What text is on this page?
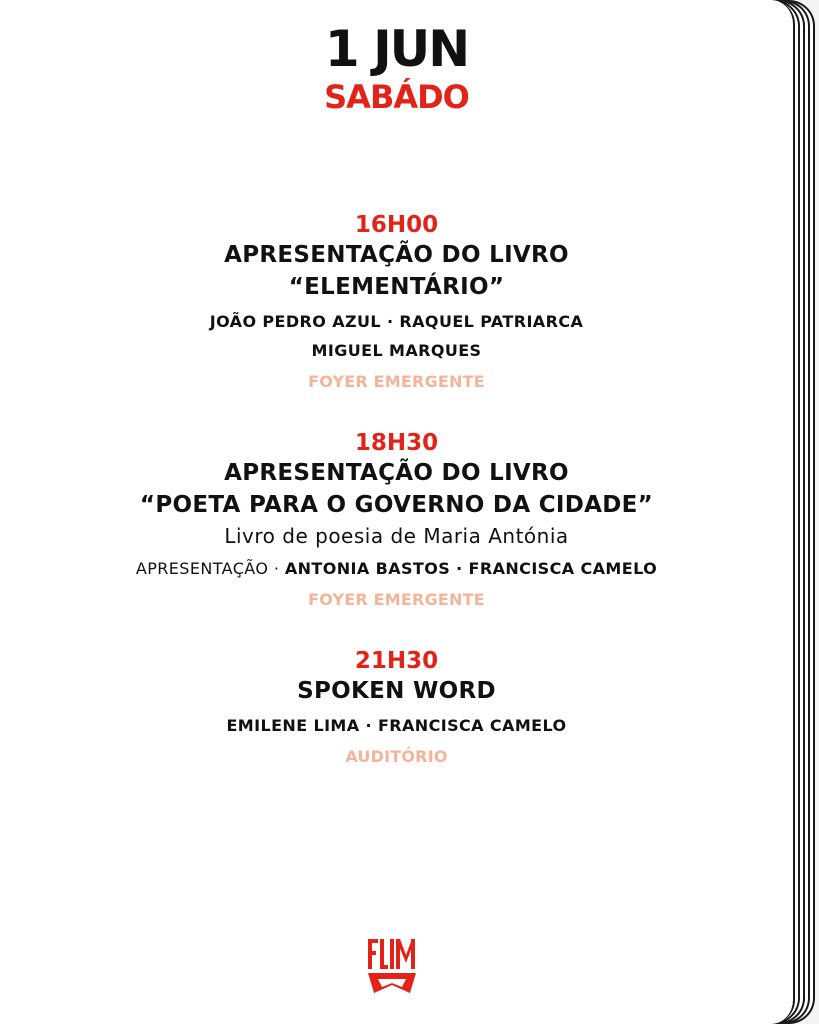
1 JUN
SABÁDO
16H00
APRESENTAÇÃO DO LIVRO
“ELEMENTÁRIO”
JOÃO PEDRO AZUL · RAQUEL PATRIARCA
MIGUEL MARQUES
FOYER EMERGENTE
18H30
APRESENTAÇÃO DO LIVRO
“POETA PARA O GOVERNO DA CIDADE”
Livro de poesia de Maria Antónia
APRESENTAÇÃO · ANTONIA BASTOS · FRANCISCA CAMELO
FOYER EMERGENTE
21H30
SPOKEN WORD
EMILENE LIMA · FRANCISCA CAMELO
AUDITÓRIO
